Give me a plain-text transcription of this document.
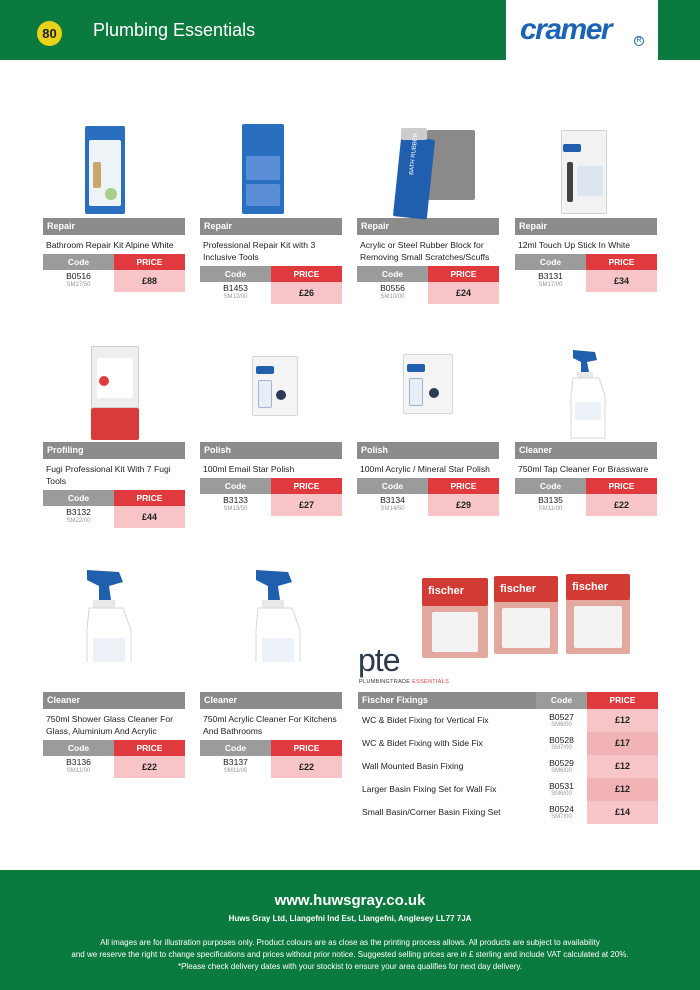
80 Plumbing Essentials	cramer	R
Repair
Bathroom Repair Kit Alpine White
Code	PRICE
B0516
SM27/50	£88
Repair
Professional Repair Kit with 3 Inclusive Tools
Code	PRICE
B1453
SM12/00	£26
Repair
Acrylic or Steel Rubber Block for Removing Small Scratches/Scuffs
Code	PRICE
B0556
SM10/00	£24
Repair
12ml Touch Up Stick In White
Code	PRICE
B3131
SM17/00	£34
Profiling
Fugi Professional Kit With 7 Fugi Tools
Code	PRICE
B3132
SM22/00	£44
Polish
100ml Email Star Polish
Code	PRICE
B3133
SM13/50	£27
Polish
100ml Acrylic / Mineral Star Polish
Code	PRICE
B3134
SM14/50	£29
Cleaner
750ml Tap Cleaner For Brassware
Code	PRICE
B3135
SM11/00	£22
Cleaner
750ml Shower Glass Cleaner For Glass, Aluminium And Acrylic
Code	PRICE
B3136
SM11/00	£22
Cleaner
750ml Acrylic Cleaner For Kitchens And Bathrooms
Code	PRICE
B3137
SM11/00	£22
fischer	fischer	fischer
pte
PLUMBINGTRADE ESSENTIALS
Fischer Fixings	Code	PRICE
WC & Bidet Fixing for Vertical Fix	B0527
SM6/00	£12
WC & Bidet Fixing with Side Fix	B0528
SM7/00	£17
Wall Mounted Basin Fixing	B0529
SM6/00	£12
Larger Basin Fixing Set for Wall Fix	B0531
SM6/00	£12
Small Basin/Corner Basin Fixing Set	B0524
SM7/00	£14
www.huwsgray.co.uk
Huws Gray Ltd, Llangefni Ind Est, Llangefni, Anglesey LL77 7JA
All images are for illustration purposes only. Product colours are as close as the printing process allows. All products are subject to availability
and we reserve the right to change specifications and prices without prior notice. Suggested selling prices are in £ sterling and include VAT calculated at 20%.
*Please check delivery dates with your stockist to ensure your area qualifies for next day delivery.
